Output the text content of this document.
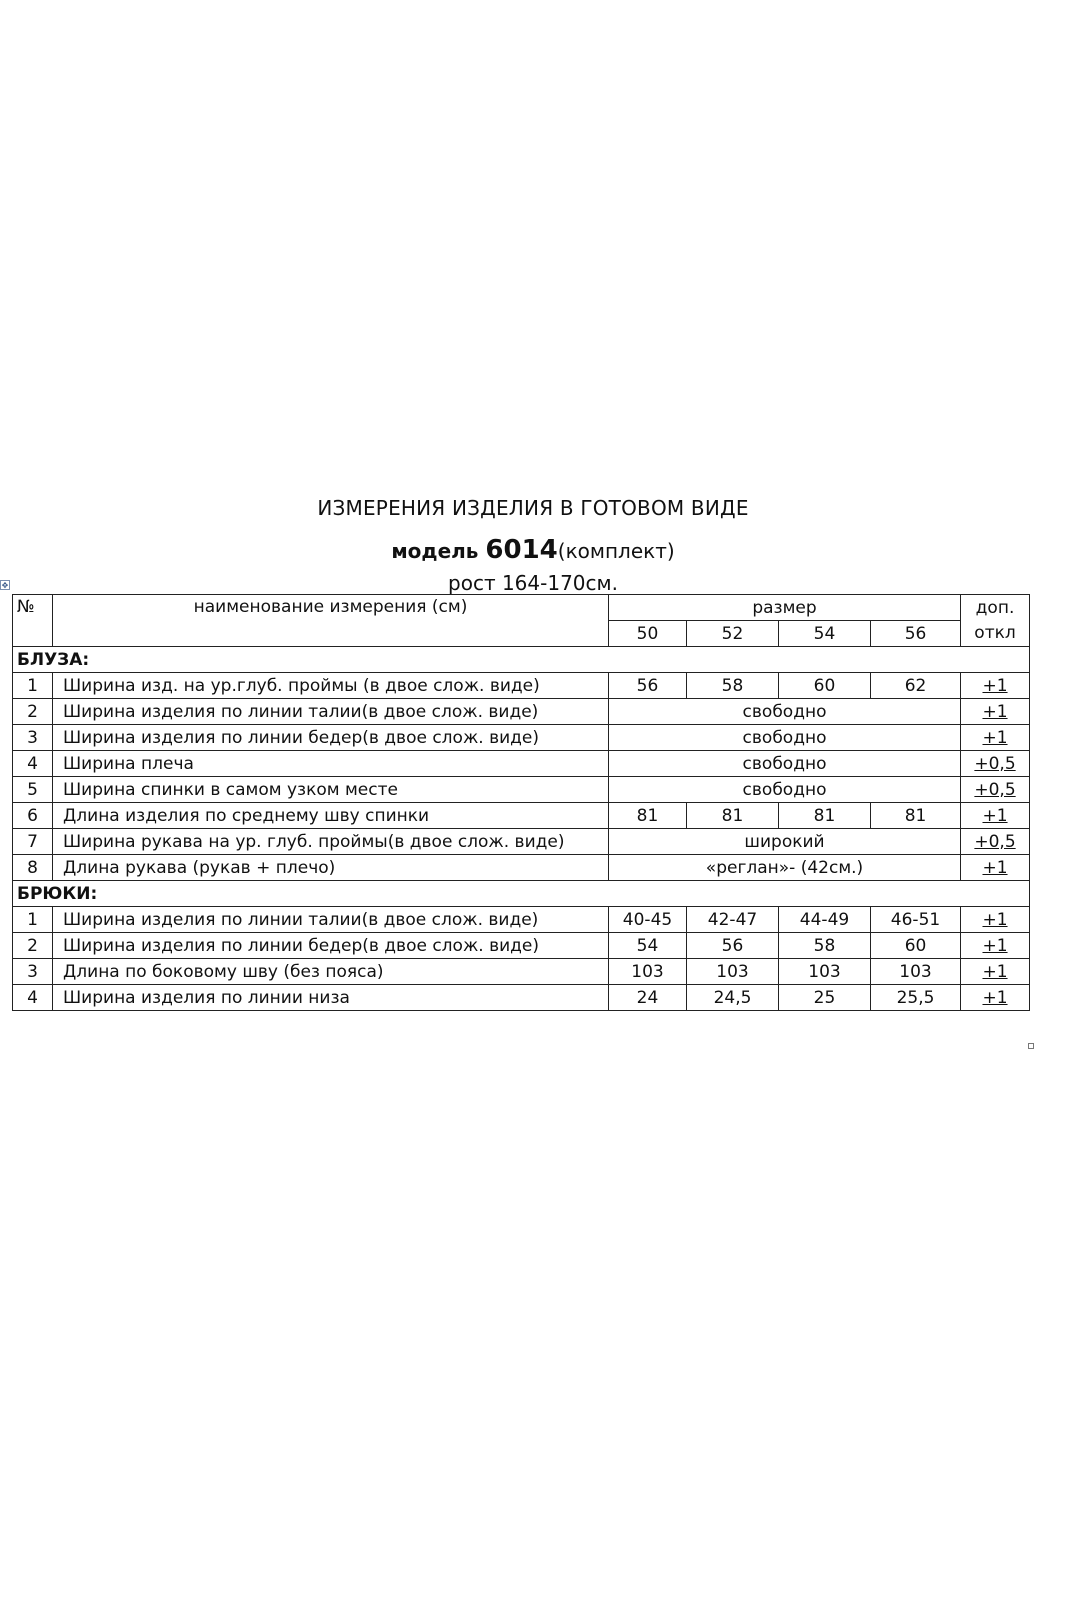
ИЗМЕРЕНИЯ ИЗДЕЛИЯ В ГОТОВОМ ВИДЕ
модель 6014(комплект)
рост 164-170см.
✥
№	наименование измерения (см)	размер				доп.
		50	52	54	56	откл
БЛУЗА:						
1	Ширина изд. на ур.глуб. проймы (в двое слож. виде)	56	58	60	62	+1
2	Ширина изделия по линии талии(в двое слож. виде)	свободно				+1
3	Ширина изделия по линии бедер(в двое слож. виде)	свободно				+1
4	Ширина плеча	свободно				+0,5
5	Ширина спинки в самом узком месте	свободно				+0,5
6	Длина изделия по среднему шву спинки	81	81	81	81	+1
7	Ширина рукава на ур. глуб. проймы(в двое слож. виде)	широкий				+0,5
8	Длина рукава (рукав + плечо)	«реглан»- (42см.)				+1
БРЮКИ:						
1	Ширина изделия по линии талии(в двое слож. виде)	40-45	42-47	44-49	46-51	+1
2	Ширина изделия по линии бедер(в двое слож. виде)	54	56	58	60	+1
3	Длина по боковому шву (без пояса)	103	103	103	103	+1
4	Ширина изделия по линии низа	24	24,5	25	25,5	+1
